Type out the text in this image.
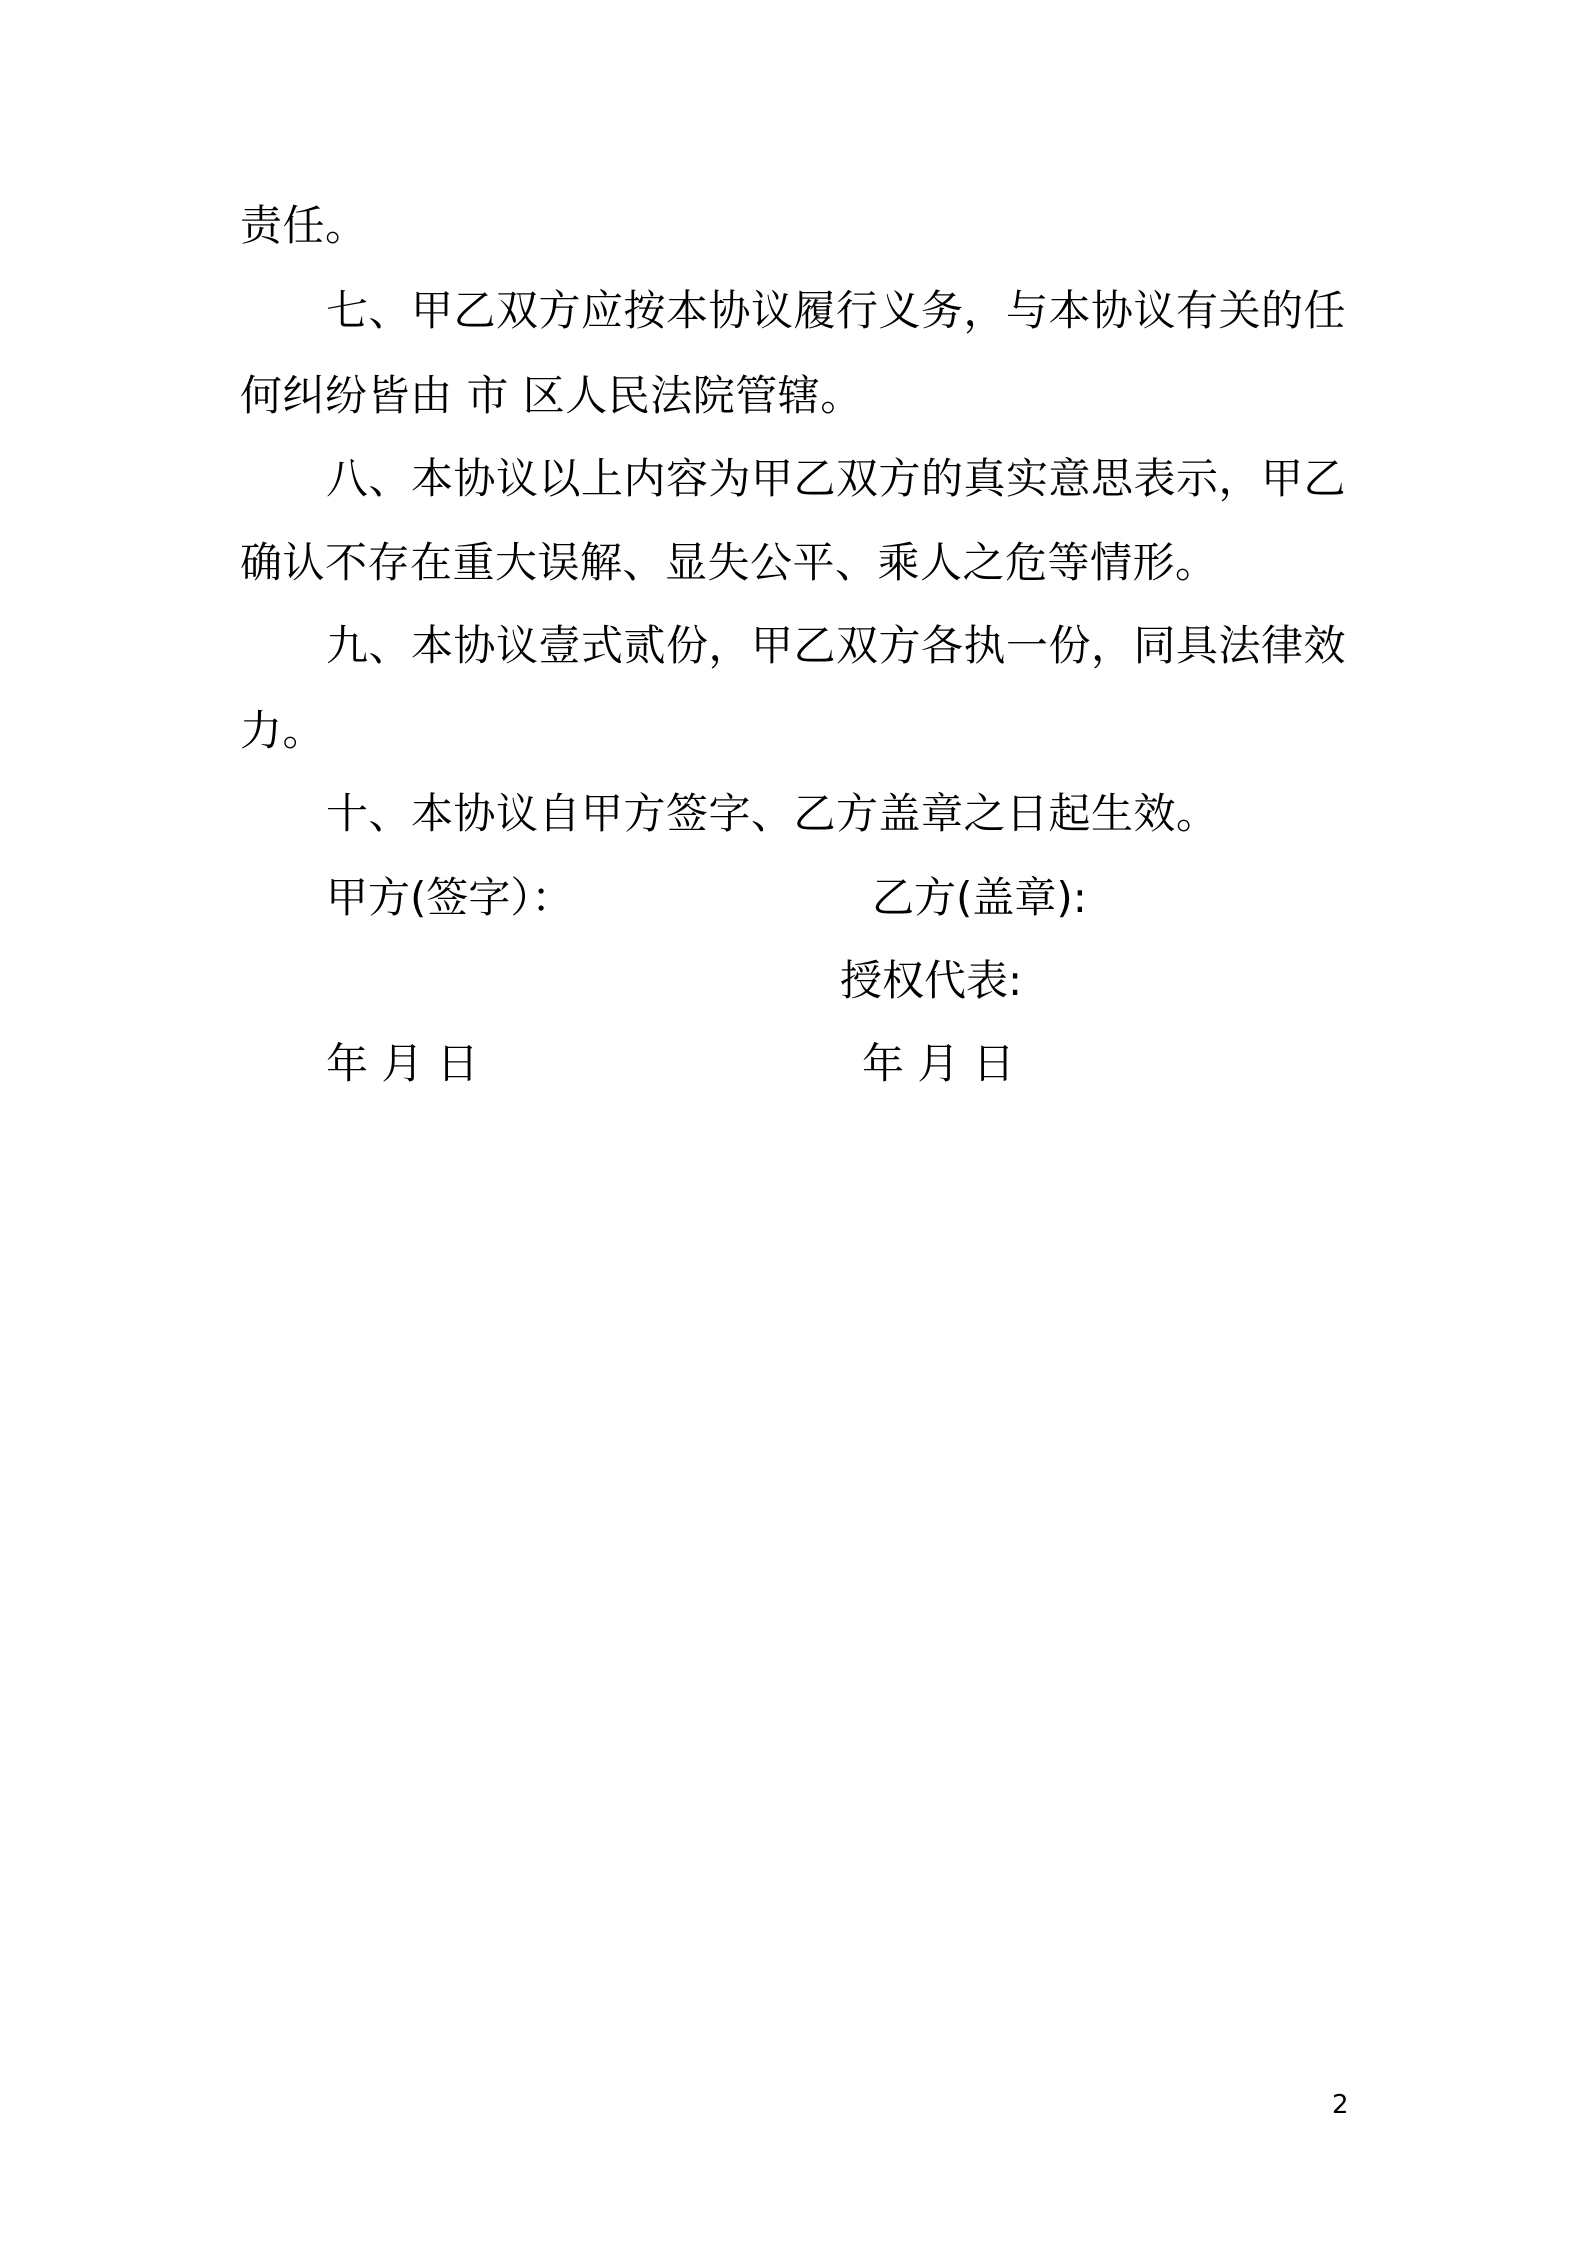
责任。
七、甲乙双方应按本协议履行义务，与本协议有关的任
何纠纷皆由 市 区人民法院管辖。
八、本协议以上内容为甲乙双方的真实意思表示，甲乙
确认不存在重大误解、显失公平、乘人之危等情形。
九、本协议壹式贰份，甲乙双方各执一份，同具法律效
力。
十、本协议自甲方签字、乙方盖章之日起生效。
甲方(签字）：	乙方(盖章):
授权代表:
年 月 日	年 月 日
2
